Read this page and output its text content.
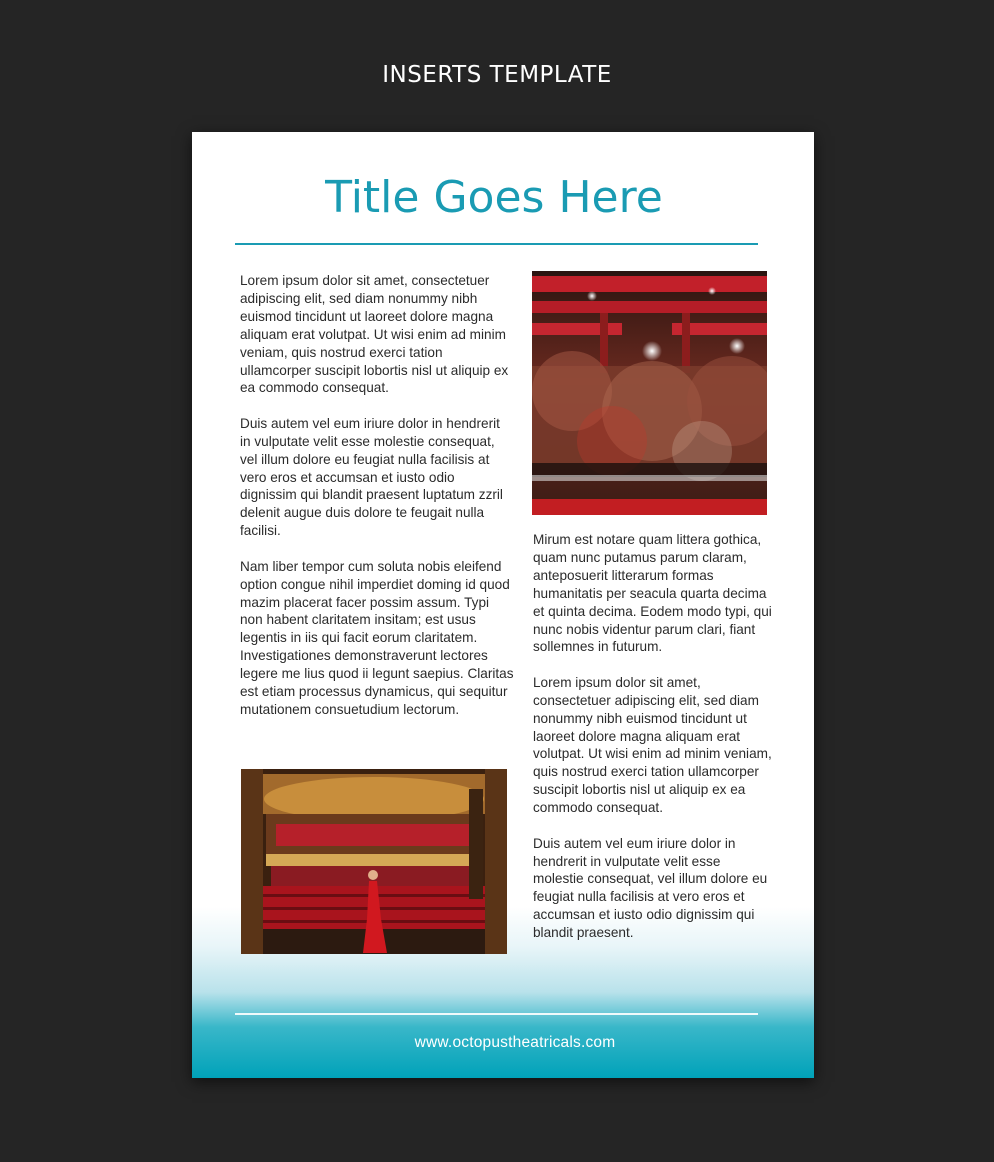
INSERTS TEMPLATE
Title Goes Here

Lorem ipsum dolor sit amet, consectetuer adipiscing elit, sed diam nonummy nibh euismod tincidunt ut laoreet dolore magna aliquam erat volutpat. Ut wisi enim ad minim veniam, quis nostrud exerci tation ullamcorper suscipit lobortis nisl ut aliquip ex ea commodo consequat.

Duis autem vel eum iriure dolor in hendrerit in vulputate velit esse molestie consequat, vel illum dolore eu feugiat nulla facilisis at vero eros et accumsan et iusto odio dignissim qui blandit praesent luptatum zzril delenit augue duis dolore te feugait nulla facilisi.

Nam liber tempor cum soluta nobis eleifend option congue nihil imperdiet doming id quod mazim placerat facer possim assum. Typi non habent claritatem insitam; est usus legentis in iis qui facit eorum claritatem. Investigationes demonstraverunt lectores legere me lius quod ii legunt saepius. Claritas est etiam processus dynamicus, qui sequitur mutationem consuetudium lectorum.

Mirum est notare quam littera gothica, quam nunc putamus parum claram, anteposuerit litterarum formas humanitatis per seacula quarta decima et quinta decima. Eodem modo typi, qui nunc nobis videntur parum clari, fiant sollemnes in futurum.

Lorem ipsum dolor sit amet, consectetuer adipiscing elit, sed diam nonummy nibh euismod tincidunt ut laoreet dolore magna aliquam erat volutpat. Ut wisi enim ad minim veniam, quis nostrud exerci tation ullamcorper suscipit lobortis nisl ut aliquip ex ea commodo consequat.

Duis autem vel eum iriure dolor in hendrerit in vulputate velit esse molestie consequat, vel illum dolore eu feugiat nulla facilisis at vero eros et accumsan et iusto odio dignissim qui blandit praesent.

www.octopustheatricals.com
